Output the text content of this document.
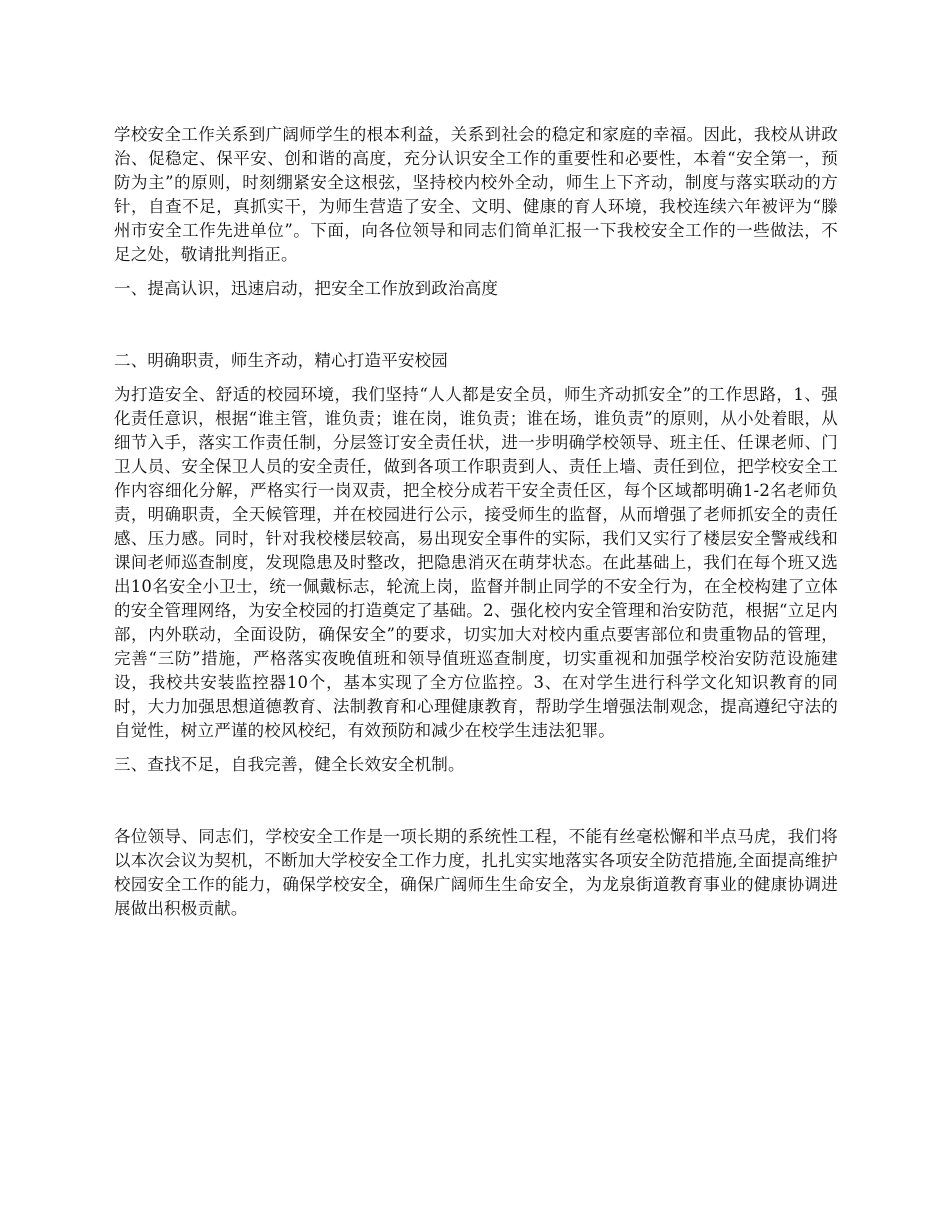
学校安全工作关系到广阔师学生的根本利益，关系到社会的稳定和家庭的幸福。因此，我校从讲政治、促稳定、保平安、创和谐的高度，充分认识安全工作的重要性和必要性，本着“安全第一，预防为主”的原则，时刻绷紧安全这根弦，坚持校内校外全动，师生上下齐动，制度与落实联动的方针，自查不足，真抓实干，为师生营造了安全、文明、健康的育人环境，我校连续六年被评为“滕州市安全工作先进单位”。下面，向各位领导和同志们简单汇报一下我校安全工作的一些做法，不足之处，敬请批判指正。

一、提高认识，迅速启动，把安全工作放到政治高度

二、明确职责，师生齐动，精心打造平安校园

为打造安全、舒适的校园环境，我们坚持“人人都是安全员，师生齐动抓安全”的工作思路，1、强化责任意识，根据“谁主管，谁负责；谁在岗，谁负责；谁在场，谁负责”的原则，从小处着眼，从细节入手，落实工作责任制，分层签订安全责任状，进一步明确学校领导、班主任、任课老师、门卫人员、安全保卫人员的安全责任，做到各项工作职责到人、责任上墙、责任到位，把学校安全工作内容细化分解，严格实行一岗双责，把全校分成若干安全责任区，每个区域都明确1-2名老师负责，明确职责，全天候管理，并在校园进行公示，接受师生的监督，从而增强了老师抓安全的责任感、压力感。同时，针对我校楼层较高，易出现安全事件的实际，我们又实行了楼层安全警戒线和课间老师巡查制度，发现隐患及时整改，把隐患消灭在萌芽状态。在此基础上，我们在每个班又选出10名安全小卫士，统一佩戴标志，轮流上岗，监督并制止同学的不安全行为，在全校构建了立体的安全管理网络，为安全校园的打造奠定了基础。2、强化校内安全管理和治安防范，根据“立足内部，内外联动，全面设防，确保安全”的要求，切实加大对校内重点要害部位和贵重物品的管理，完善“三防”措施，严格落实夜晚值班和领导值班巡查制度，切实重视和加强学校治安防范设施建设，我校共安装监控器10个，基本实现了全方位监控。3、在对学生进行科学文化知识教育的同时，大力加强思想道德教育、法制教育和心理健康教育，帮助学生增强法制观念，提高遵纪守法的自觉性，树立严谨的校风校纪，有效预防和减少在校学生违法犯罪。

三、查找不足，自我完善，健全长效安全机制。

各位领导、同志们，学校安全工作是一项长期的系统性工程，不能有丝毫松懈和半点马虎，我们将以本次会议为契机，不断加大学校安全工作力度，扎扎实实地落实各项安全防范措施,全面提高维护校园安全工作的能力，确保学校安全，确保广阔师生生命安全，为龙泉街道教育事业的健康协调进展做出积极贡献。
